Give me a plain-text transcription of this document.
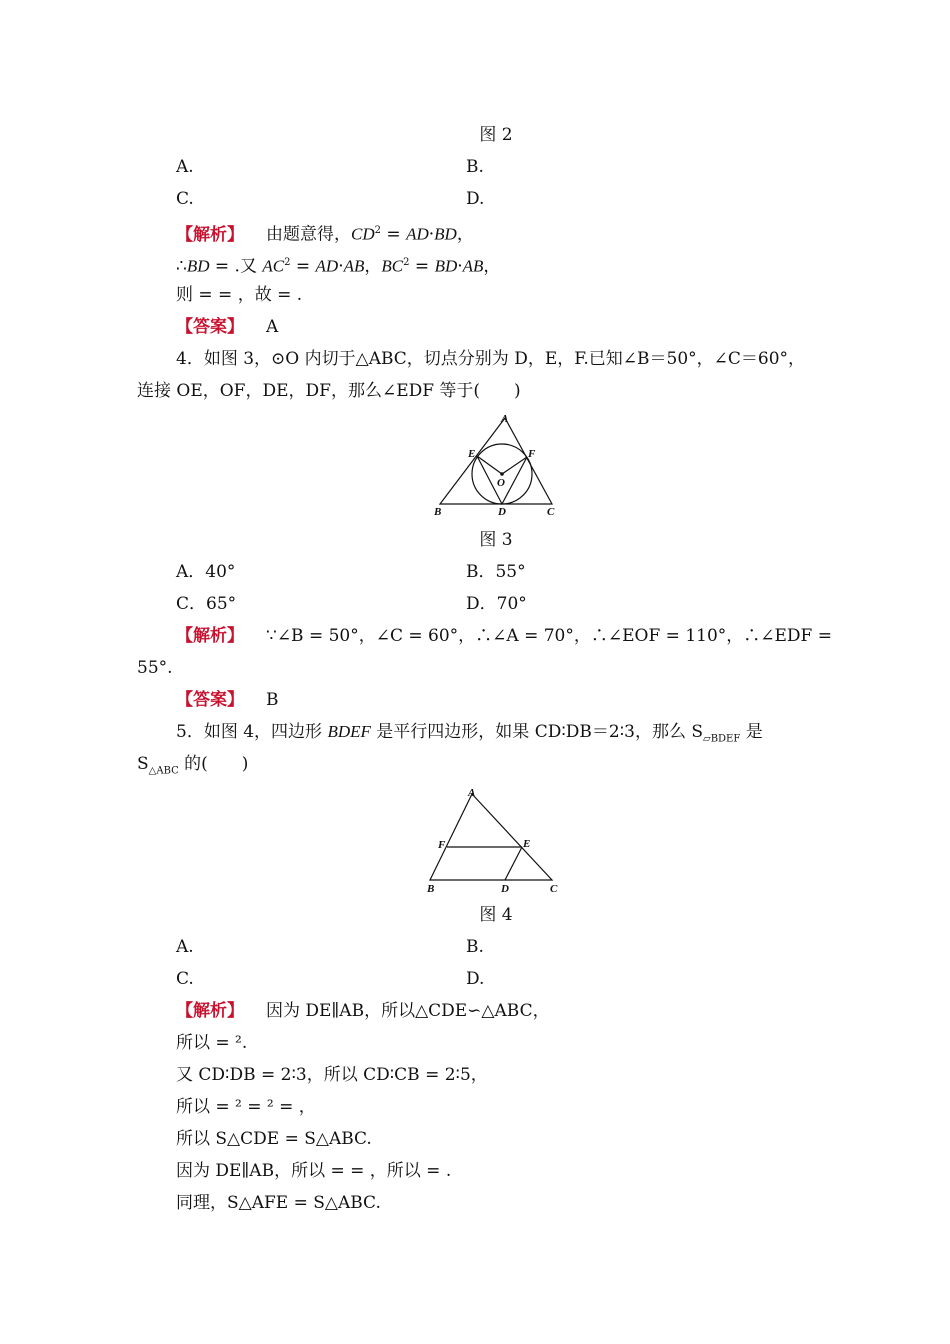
图 2
A.	B.
C.	D.
【解析】 由题意得，$CD^2 = AD\cdot BD$，
∴BD = .又 $AC^2 = AD\cdot AB$，$BC^2 = BD\cdot AB$，
则 = = ，故 = .
【答案】 A
4．如图 3，⊙O 内切于△ABC，切点分别为 D，E，F.已知∠B＝50°，∠C＝60°，
连接 OE，OF，DE，DF，那么∠EDF 等于(　　)
A
B	C
D
E	F
O
图 3
A．40°	B．55°
C．65°	D．70°
【解析】 ∵∠B = 50°，∠C = 60°，∴∠A = 70°，∴∠EOF = 110°，∴∠EDF =
55°.
【答案】 B
5．如图 4，四边形 BDEF 是平行四边形，如果 CD∶DB＝2∶3，那么 $S_{▱BDEF}$ 是
$S_{\triangle ABC}$ 的(　　)
A
B	C
D
E
F
图 4
A.	B.
C.	D.
【解析】 因为 DE∥AB，所以△CDE∽△ABC，
所以 = ².
又 CD∶DB = 2∶3，所以 CD∶CB = 2∶5，
所以 = ² = ² = ，
所以 S△CDE = S△ABC.
因为 DE∥AB，所以 = = ，所以 = .
同理，S△AFE = S△ABC.
